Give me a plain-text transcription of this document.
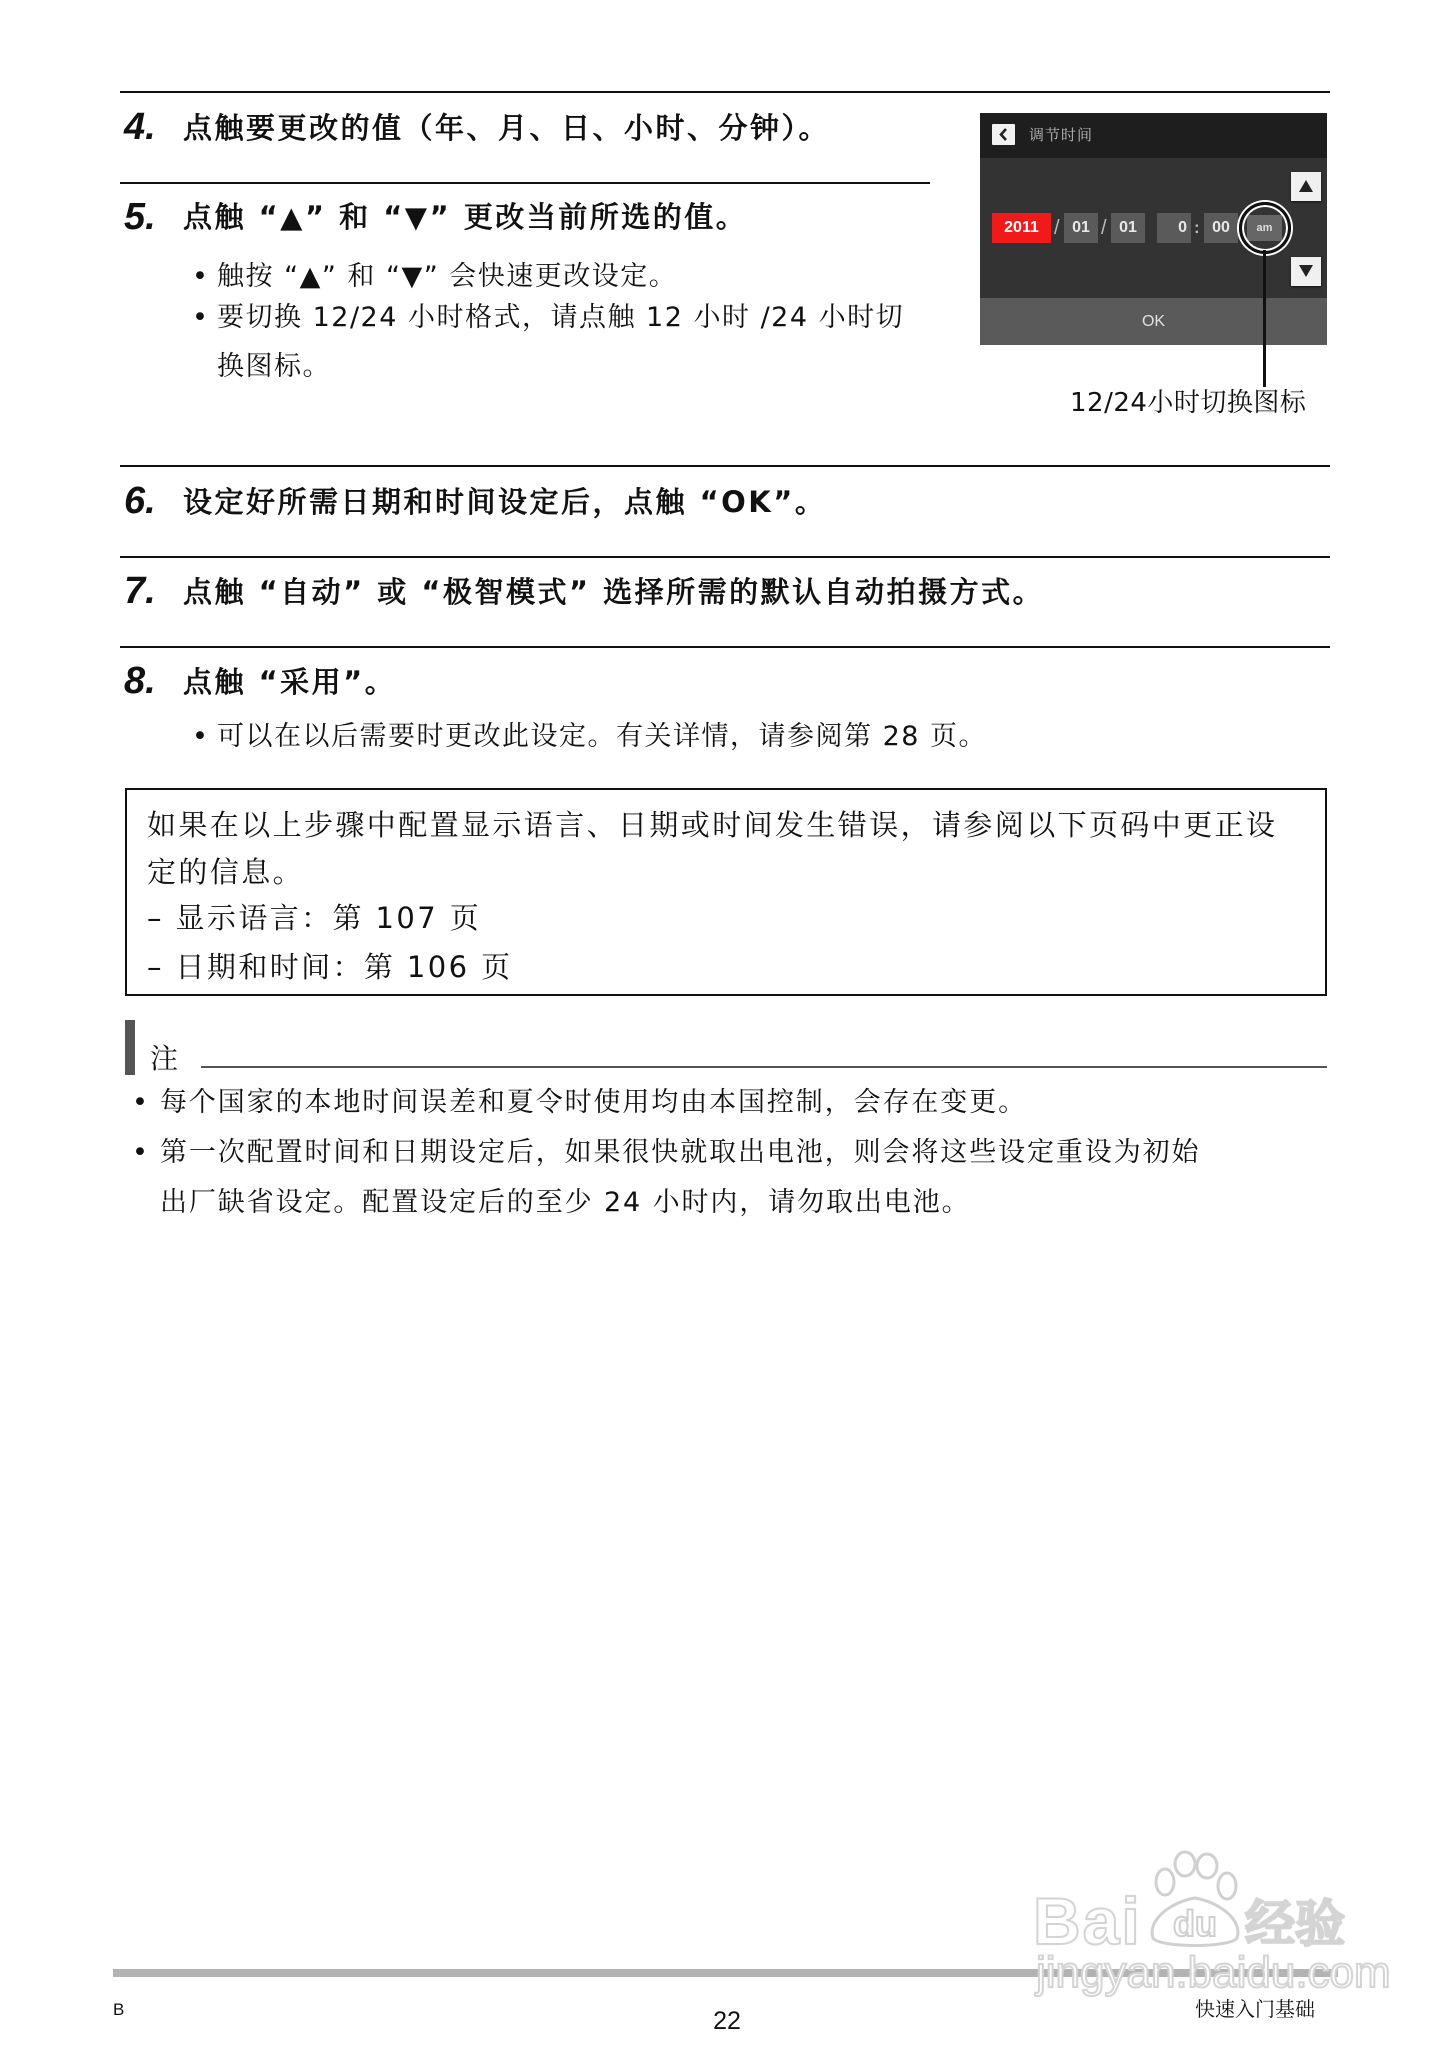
4. 点触要更改的值（年、月、日、小时、分钟）。
5. 点触 “▲” 和 “▼” 更改当前所选的值。
• 触按 “▲” 和 “▼” 会快速更改设定。
• 要切换 12/24 小时格式，请点触 12 小时 /24 小时切
换图标。
调节时间
2011 / 01 / 01	0 : 00	am
OK
12/24小时切换图标
6. 设定好所需日期和时间设定后，点触 “OK”。
7. 点触 “自动” 或 “极智模式” 选择所需的默认自动拍摄方式。
8. 点触 “采用”。
• 可以在以后需要时更改此设定。有关详情，请参阅第 28 页。
如果在以上步骤中配置显示语言、日期或时间发生错误，请参阅以下页码中更正设
定的信息。
– 显示语言：第 107 页
– 日期和时间：第 106 页
注
• 每个国家的本地时间误差和夏令时使用均由本国控制，会存在变更。
• 第一次配置时间和日期设定后，如果很快就取出电池，则会将这些设定重设为初始
出厂缺省设定。配置设定后的至少 24 小时内，请勿取出电池。
Bai du 经验
jingyan.baidu.com
B	22	快速入门基础
